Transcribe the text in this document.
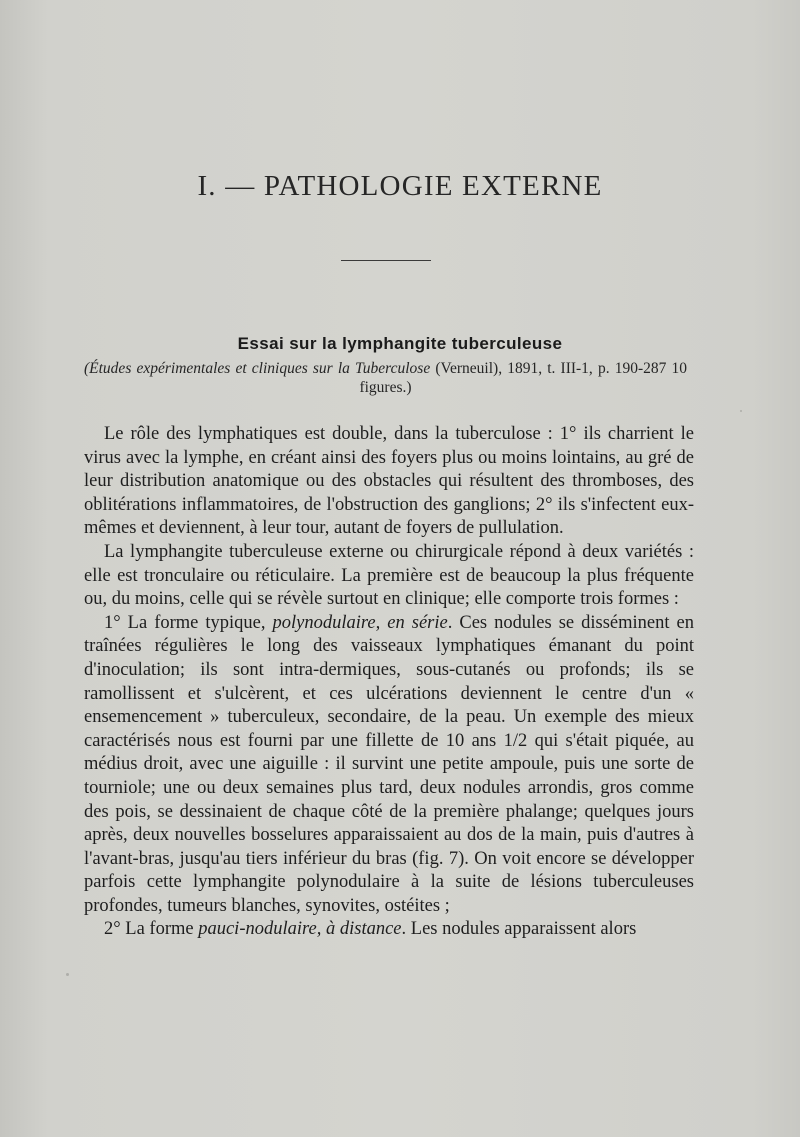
I. — PATHOLOGIE EXTERNE
Essai sur la lymphangite tuberculeuse

(Études expérimentales et cliniques sur la Tuberculose (Verneuil), 1891, t. III-1, p. 190-287 10 figures.)

Le rôle des lymphatiques est double, dans la tuberculose : 1° ils charrient le virus avec la lymphe, en créant ainsi des foyers plus ou moins lointains, au gré de leur distribution anatomique ou des obstacles qui résultent des thromboses, des oblitérations inflammatoires, de l'obstruction des ganglions; 2° ils s'infectent eux-mêmes et deviennent, à leur tour, autant de foyers de pullulation.

La lymphangite tuberculeuse externe ou chirurgicale répond à deux variétés : elle est tronculaire ou réticulaire. La première est de beaucoup la plus fréquente ou, du moins, celle qui se révèle surtout en clinique; elle comporte trois formes :

1° La forme typique, polynodulaire, en série. Ces nodules se disséminent en traînées régulières le long des vaisseaux lymphatiques émanant du point d'inoculation; ils sont intra-dermiques, sous-cutanés ou profonds; ils se ramollissent et s'ulcèrent, et ces ulcérations deviennent le centre d'un « ensemencement » tuberculeux, secondaire, de la peau. Un exemple des mieux caractérisés nous est fourni par une fillette de 10 ans 1/2 qui s'était piquée, au médius droit, avec une aiguille : il survint une petite ampoule, puis une sorte de tourniole; une ou deux semaines plus tard, deux nodules arrondis, gros comme des pois, se dessinaient de chaque côté de la première phalange; quelques jours après, deux nouvelles bosselures apparaissaient au dos de la main, puis d'autres à l'avant-bras, jusqu'au tiers inférieur du bras (fig. 7). On voit encore se développer parfois cette lymphangite polynodulaire à la suite de lésions tuberculeuses profondes, tumeurs blanches, synovites, ostéites ;

2° La forme pauci-nodulaire, à distance. Les nodules apparaissent alors
